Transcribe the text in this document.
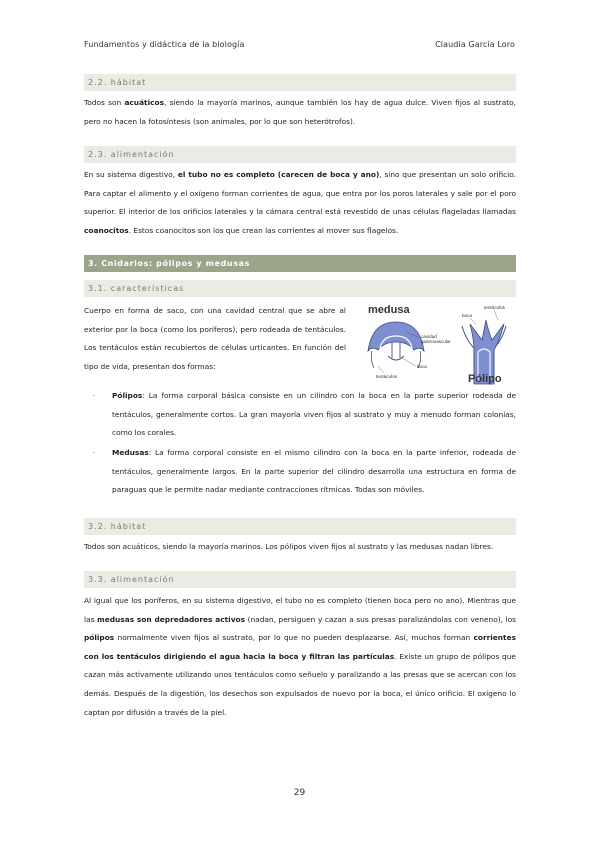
Fundamentos y didáctica de la biología	Claudia García Loro
2.2. hábitat
Todos son acuáticos, siendo la mayoría marinos, aunque también los hay de agua dulce. Viven fijos al sustrato, pero no hacen la fotosíntesis (son animales, por lo que son heterótrofos).
2.3. alimentación
En su sistema digestivo, el tubo no es completo (carecen de boca y ano), sino que presentan un solo orificio. Para captar el alimento y el oxígeno forman corrientes de agua, que entra por los poros laterales y sale por el poro superior. El interior de los orificios laterales y la cámara central está revestido de unas células flageladas llamadas coanocitos. Estos coanocitos son los que crean las corrientes al mover sus flagelos.
3. Cnidarios: pólipos y medusas
3.1. características
Cuerpo en forma de saco, con una cavidad central que se abre al exterior por la boca (como los poríferos), pero rodeada de tentáculos. Los tentáculos están recubiertos de células urticantes. En función del tipo de vida, presentan dos formas:
medusa
cavidad
gastrovascular
boca
tentáculos
boca
tentáculos
Pólipo
· Pólipos: La forma corporal básica consiste en un cilindro con la boca en la parte superior rodeada de tentáculos, generalmente cortos. La gran mayoría viven fijos al sustrato y muy a menudo forman colonias, como los corales.
· Medusas: La forma corporal consiste en el mismo cilindro con la boca en la parte inferior, rodeada de tentáculos, generalmente largos. En la parte superior del cilindro desarrolla una estructura en forma de paraguas que le permite nadar mediante contracciones rítmicas. Todas son móviles.
3.2. hábitat
Todos son acuáticos, siendo la mayoría marinos. Los pólipos viven fijos al sustrato y las medusas nadan libres.
3.3. alimentación
Al igual que los poríferos, en su sistema digestivo, el tubo no es completo (tienen boca pero no ano). Mientras que las medusas son depredadores activos (nadan, persiguen y cazan a sus presas paralizándolas con veneno), los pólipos normalmente viven fijos al sustrato, por lo que no pueden desplazarse. Así, muchos forman corrientes con los tentáculos dirigiendo el agua hacia la boca y filtran las partículas. Existe un grupo de pólipos que cazan más activamente utilizando unos tentáculos como señuelo y paralizando a las presas que se acercan con los demás. Después de la digestión, los desechos son expulsados de nuevo por la boca, el único orificio. El oxígeno lo captan por difusión a través de la piel.
29
